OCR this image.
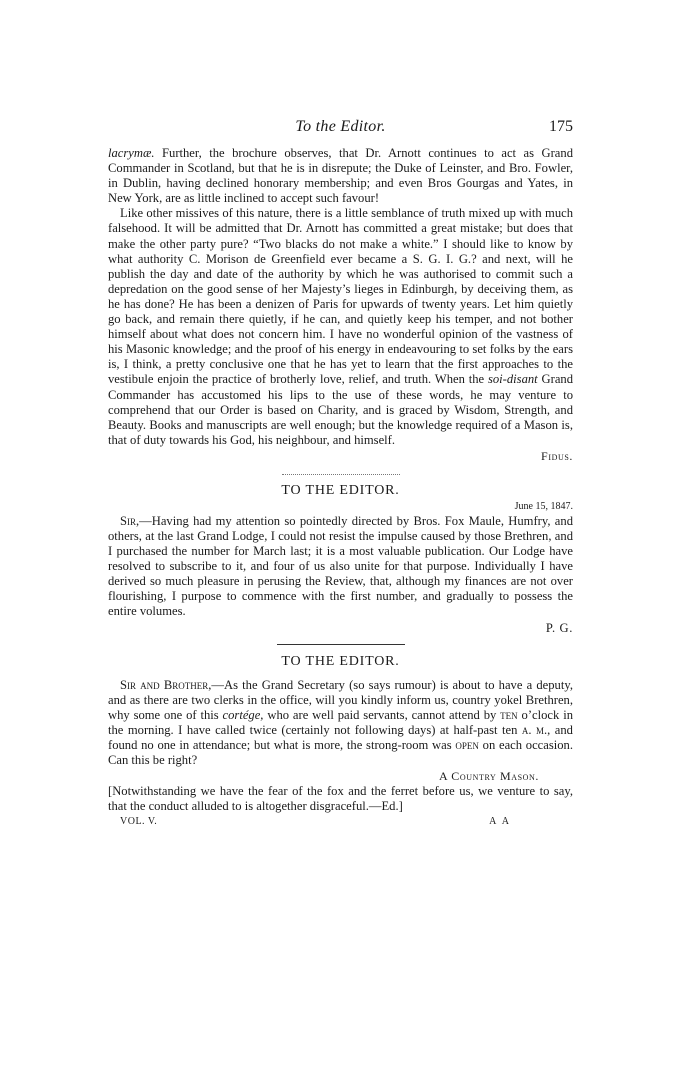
To the Editor.	175

lacrymæ. Further, the brochure observes, that Dr. Arnott continues to act as Grand Commander in Scotland, but that he is in disrepute; the Duke of Leinster, and Bro. Fowler, in Dublin, having declined honorary membership; and even Bros Gourgas and Yates, in New York, are as little inclined to accept such favour!

Like other missives of this nature, there is a little semblance of truth mixed up with much falsehood. It will be admitted that Dr. Arnott has committed a great mistake; but does that make the other party pure? “Two blacks do not make a white.” I should like to know by what authority C. Morison de Greenfield ever became a S. G. I. G.? and next, will he publish the day and date of the authority by which he was authorised to commit such a depredation on the good sense of her Majesty’s lieges in Edinburgh, by deceiving them, as he has done? He has been a denizen of Paris for upwards of twenty years. Let him quietly go back, and remain there quietly, if he can, and quietly keep his temper, and not bother himself about what does not concern him. I have no wonderful opinion of the vastness of his Masonic knowledge; and the proof of his energy in endeavouring to set folks by the ears is, I think, a pretty conclusive one that he has yet to learn that the first approaches to the vestibule enjoin the practice of brotherly love, relief, and truth. When the soi-disant Grand Commander has accustomed his lips to the use of these words, he may venture to comprehend that our Order is based on Charity, and is graced by Wisdom, Strength, and Beauty. Books and manuscripts are well enough; but the knowledge required of a Mason is, that of duty towards his God, his neighbour, and himself.

Fidus.
TO THE EDITOR.
June 15, 1847.

Sir,—Having had my attention so pointedly directed by Bros. Fox Maule, Humfry, and others, at the last Grand Lodge, I could not resist the impulse caused by those Brethren, and I purchased the number for March last; it is a most valuable publication. Our Lodge have resolved to subscribe to it, and four of us also unite for that purpose. Individually I have derived so much pleasure in perusing the Review, that, although my finances are not over flourishing, I purpose to commence with the first number, and gradually to possess the entire volumes.

P. G.
TO THE EDITOR.

Sir and Brother,—As the Grand Secretary (so says rumour) is about to have a deputy, and as there are two clerks in the office, will you kindly inform us, country yokel Brethren, why some one of this cortége, who are well paid servants, cannot attend by ten o’clock in the morning. I have called twice (certainly not following days) at half-past ten a. m., and found no one in attendance; but what is more, the strong-room was open on each occasion. Can this be right?

A Country Mason.

[Notwithstanding we have the fear of the fox and the ferret before us, we venture to say, that the conduct alluded to is altogether disgraceful.—Ed.]

VOL. V.	A A
